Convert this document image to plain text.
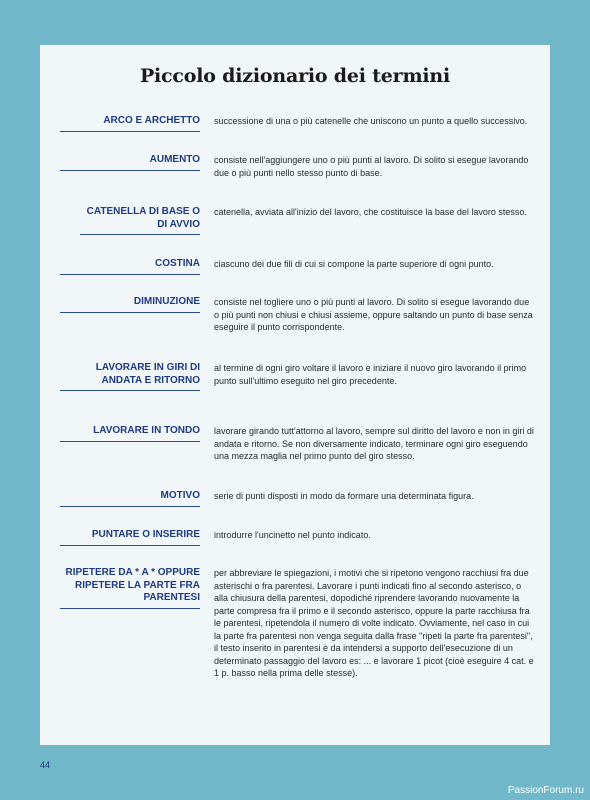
Piccolo dizionario dei termini
ARCO E ARCHETTO successione di una o più catenelle che uniscono un punto a quello successivo.
AUMENTO consiste nell'aggiungere uno o più punti al lavoro. Di solito si esegue lavorando due o più punti nello stesso punto di base.
CATENELLA DI BASE O DI AVVIO
catenella, avviata all'inizio del lavoro, che costituisce la base del lavoro stesso.
COSTINA ciascuno dei due fili di cui si compone la parte superiore di ogni punto.
DIMINUZIONE consiste nel togliere uno o più punti al lavoro. Di solito si esegue lavorando due o più punti non chiusi e chiusi assieme, oppure saltando un punto di base senza eseguire il punto corrispondente.
LAVORARE IN GIRI DI ANDATA E RITORNO
al termine di ogni giro voltare il lavoro e iniziare il nuovo giro lavorando il primo punto sull'ultimo eseguito nel giro precedente.
LAVORARE IN TONDO lavorare girando tutt'attorno al lavoro, sempre sul diritto del lavoro e non in giri di andata e ritorno. Se non diversamente indicato, terminare ogni giro eseguendo una mezza maglia nel primo punto del giro stesso.
MOTIVO serie di punti disposti in modo da formare una determinata figura.
PUNTARE O INSERIRE introdurre l'uncinetto nel punto indicato.
RIPETERE DA * A * OPPURE RIPETERE LA PARTE FRA PARENTESI
per abbreviare le spiegazioni, i motivi che si ripetono vengono racchiusi fra due asterischi o fra parentesi. Lavorare i punti indicati fino al secondo asterisco, o alla chiusura della parentesi, dopodiché riprendere lavorando nuovamente la parte compresa fra il primo e il secondo asterisco, oppure la parte racchiusa fra le parentesi, ripetendola il numero di volte indicato. Ovviamente, nel caso in cui la parte fra parentesi non venga seguita dalla frase "ripeti la parte fra parentesi", il testo inserito in parentesi è da intendersi a supporto dell'esecuzione di un determinato passaggio del lavoro es: ... e lavorare 1 picot (cioè eseguire 4 cat. e 1 p. basso nella prima delle stesse).
44
PassionForum.ru
